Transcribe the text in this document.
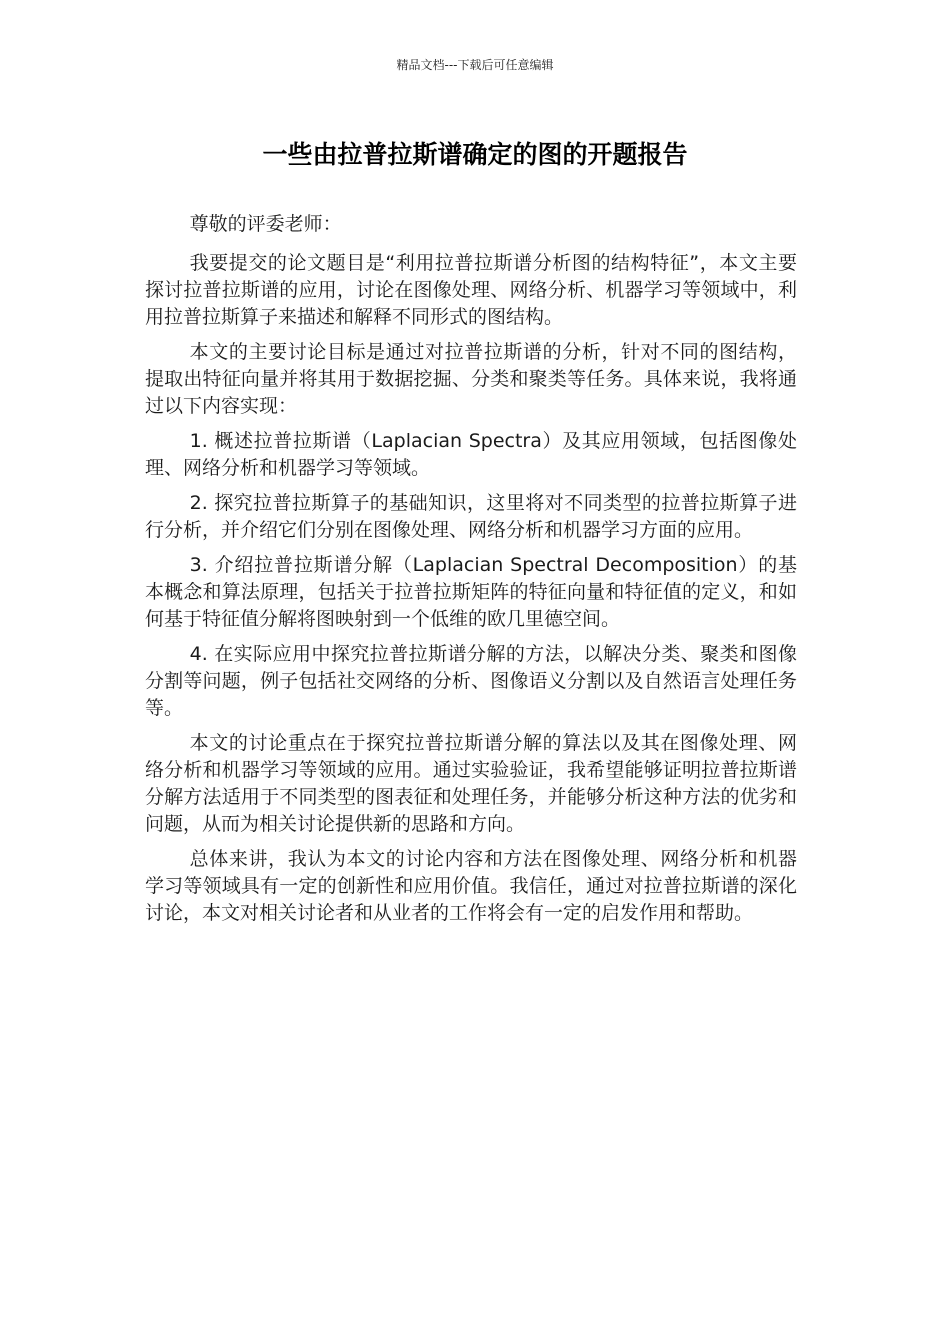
精品文档---下载后可任意编辑
一些由拉普拉斯谱确定的图的开题报告

尊敬的评委老师：

我要提交的论文题目是“利用拉普拉斯谱分析图的结构特征”，本文主要探讨拉普拉斯谱的应用，讨论在图像处理、网络分析、机器学习等领域中，利用拉普拉斯算子来描述和解释不同形式的图结构。

本文的主要讨论目标是通过对拉普拉斯谱的分析，针对不同的图结构，提取出特征向量并将其用于数据挖掘、分类和聚类等任务。具体来说，我将通过以下内容实现：

1. 概述拉普拉斯谱（Laplacian Spectra）及其应用领域，包括图像处理、网络分析和机器学习等领域。

2. 探究拉普拉斯算子的基础知识，这里将对不同类型的拉普拉斯算子进行分析，并介绍它们分别在图像处理、网络分析和机器学习方面的应用。

3. 介绍拉普拉斯谱分解（Laplacian Spectral Decomposition）的基本概念和算法原理，包括关于拉普拉斯矩阵的特征向量和特征值的定义，和如何基于特征值分解将图映射到一个低维的欧几里德空间。

4. 在实际应用中探究拉普拉斯谱分解的方法，以解决分类、聚类和图像分割等问题，例子包括社交网络的分析、图像语义分割以及自然语言处理任务等。

本文的讨论重点在于探究拉普拉斯谱分解的算法以及其在图像处理、网络分析和机器学习等领域的应用。通过实验验证，我希望能够证明拉普拉斯谱分解方法适用于不同类型的图表征和处理任务，并能够分析这种方法的优劣和问题，从而为相关讨论提供新的思路和方向。

总体来讲，我认为本文的讨论内容和方法在图像处理、网络分析和机器学习等领域具有一定的创新性和应用价值。我信任，通过对拉普拉斯谱的深化讨论，本文对相关讨论者和从业者的工作将会有一定的启发作用和帮助。
